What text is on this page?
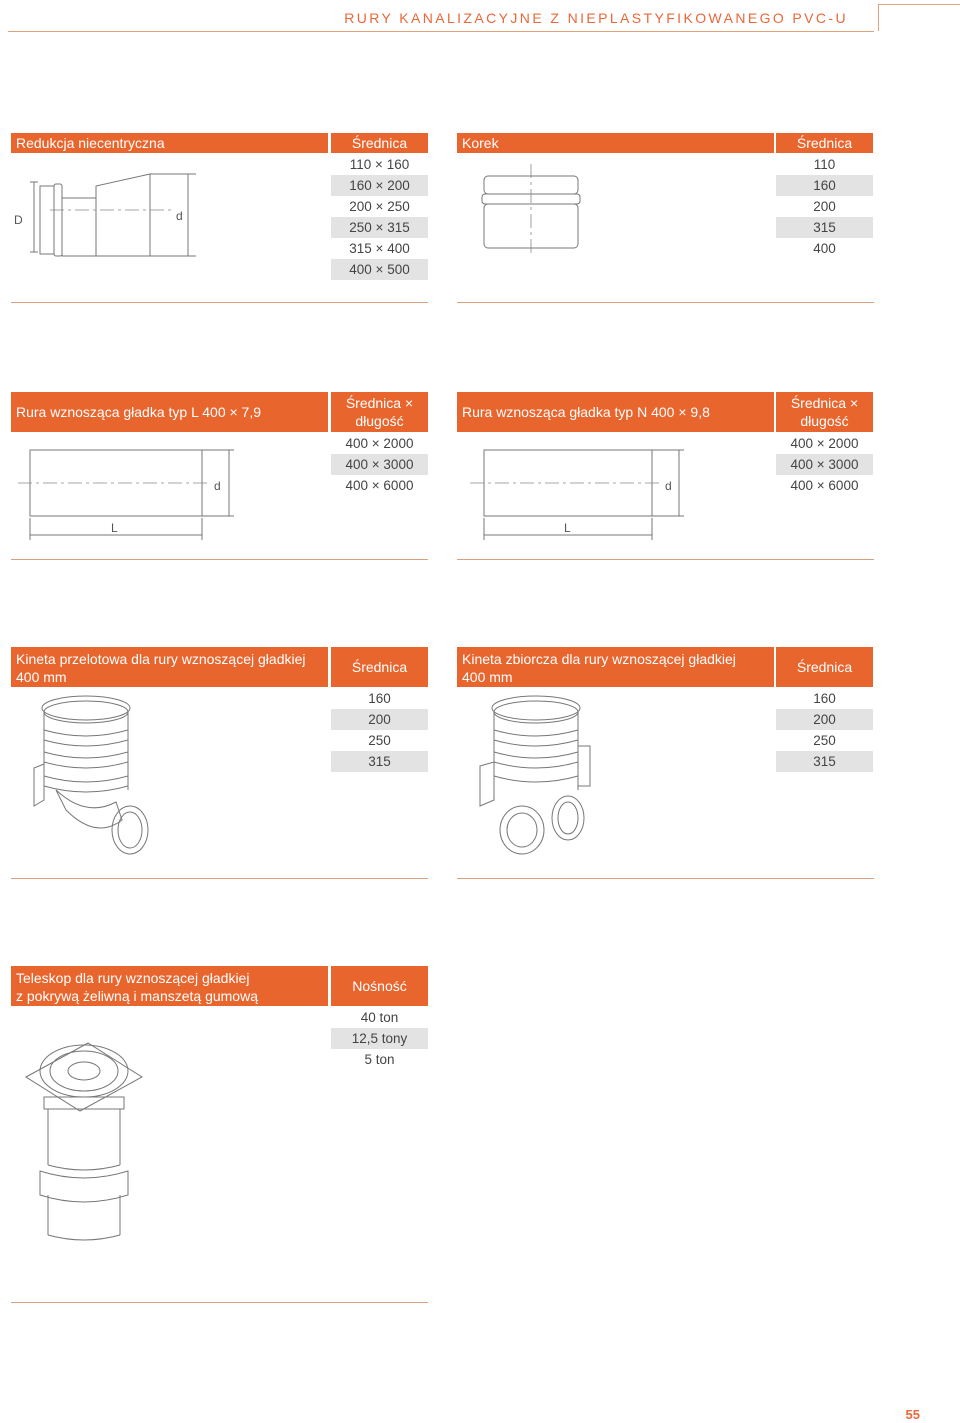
RURY KANALIZACYJNE Z NIEPLASTYFIKOWANEGO PVC-U
Redukcja niecentryczna	Średnica
110 × 160
160 × 200
200 × 250
250 × 315
315 × 400
400 × 500
D	d
Korek	Średnica
110
160
200
315
400
Rura wznosząca gładka typ L 400 × 7,9
Średnica ×
długość
400 × 2000
400 × 3000
400 × 6000
d
L
Rura wznosząca gładka typ N 400 × 9,8
Średnica ×
długość
400 × 2000
400 × 3000
400 × 6000
d
L
Kineta przelotowa dla rury wznoszącej gładkiej
400 mm
Średnica
160
200
250
315
Kineta zbiorcza dla rury wznoszącej gładkiej
400 mm
Średnica
160
200
250
315
Teleskop dla rury wznoszącej gładkiej
z pokrywą żeliwną i manszetą gumową
Nośność
40 ton
12,5 tony
5 ton
55
